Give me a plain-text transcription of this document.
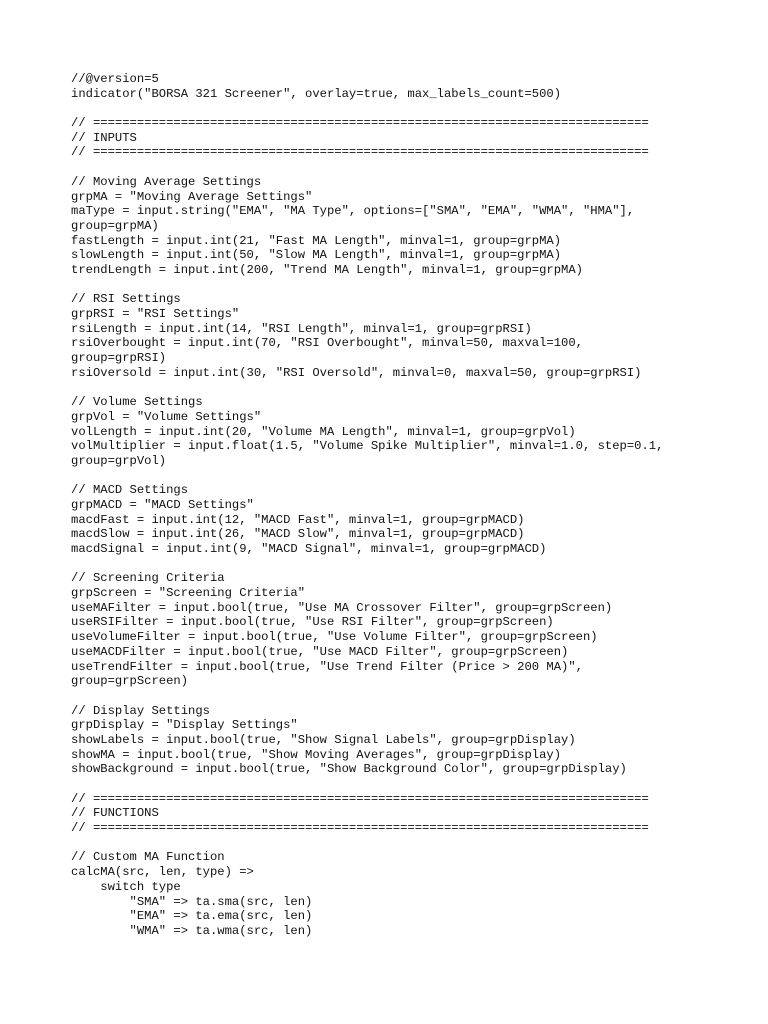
//@version=5
indicator("BORSA 321 Screener", overlay=true, max_labels_count=500)
// ============================================================================
// INPUTS
// ============================================================================
// Moving Average Settings
grpMA = "Moving Average Settings"
maType = input.string("EMA", "MA Type", options=["SMA", "EMA", "WMA", "HMA"],
group=grpMA)
fastLength = input.int(21, "Fast MA Length", minval=1, group=grpMA)
slowLength = input.int(50, "Slow MA Length", minval=1, group=grpMA)
trendLength = input.int(200, "Trend MA Length", minval=1, group=grpMA)
// RSI Settings
grpRSI = "RSI Settings"
rsiLength = input.int(14, "RSI Length", minval=1, group=grpRSI)
rsiOverbought = input.int(70, "RSI Overbought", minval=50, maxval=100,
group=grpRSI)
rsiOversold = input.int(30, "RSI Oversold", minval=0, maxval=50, group=grpRSI)
// Volume Settings
grpVol = "Volume Settings"
volLength = input.int(20, "Volume MA Length", minval=1, group=grpVol)
volMultiplier = input.float(1.5, "Volume Spike Multiplier", minval=1.0, step=0.1,
group=grpVol)
// MACD Settings
grpMACD = "MACD Settings"
macdFast = input.int(12, "MACD Fast", minval=1, group=grpMACD)
macdSlow = input.int(26, "MACD Slow", minval=1, group=grpMACD)
macdSignal = input.int(9, "MACD Signal", minval=1, group=grpMACD)
// Screening Criteria
grpScreen = "Screening Criteria"
useMAFilter = input.bool(true, "Use MA Crossover Filter", group=grpScreen)
useRSIFilter = input.bool(true, "Use RSI Filter", group=grpScreen)
useVolumeFilter = input.bool(true, "Use Volume Filter", group=grpScreen)
useMACDFilter = input.bool(true, "Use MACD Filter", group=grpScreen)
useTrendFilter = input.bool(true, "Use Trend Filter (Price > 200 MA)",
group=grpScreen)
// Display Settings
grpDisplay = "Display Settings"
showLabels = input.bool(true, "Show Signal Labels", group=grpDisplay)
showMA = input.bool(true, "Show Moving Averages", group=grpDisplay)
showBackground = input.bool(true, "Show Background Color", group=grpDisplay)
// ============================================================================
// FUNCTIONS
// ============================================================================
// Custom MA Function
calcMA(src, len, type) =>
switch type
"SMA" => ta.sma(src, len)
"EMA" => ta.ema(src, len)
"WMA" => ta.wma(src, len)
